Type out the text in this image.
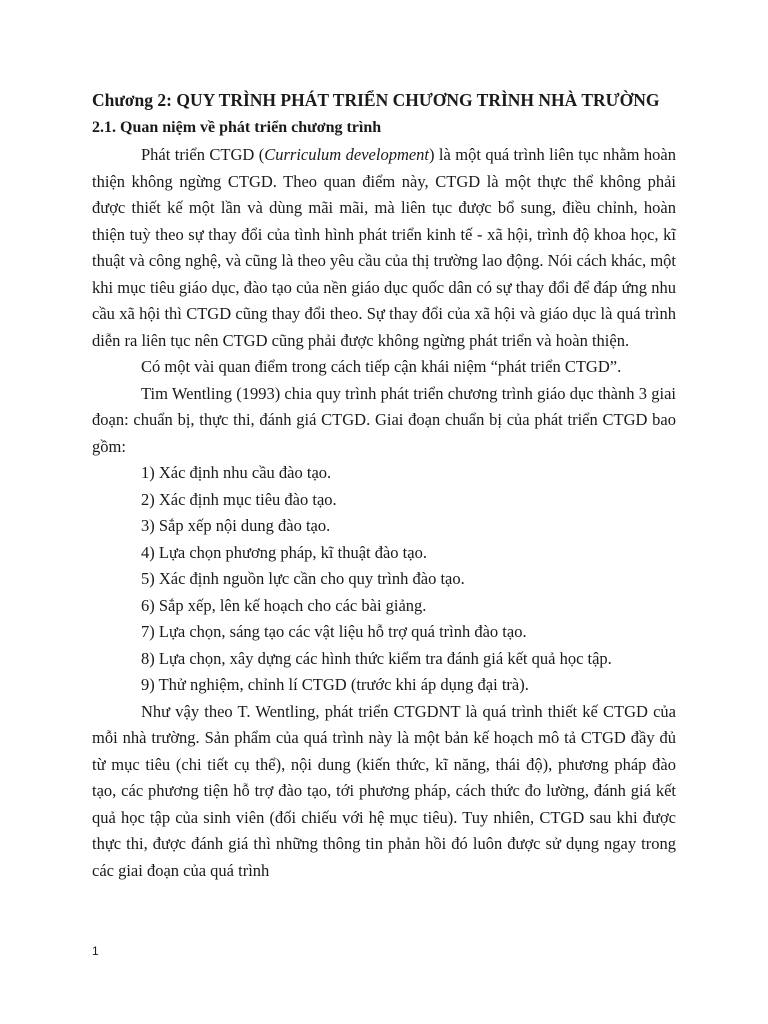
Chương 2: QUY TRÌNH PHÁT TRIỂN CHƯƠNG TRÌNH NHÀ TRƯỜNG
2.1. Quan niệm về phát triển chương trình

Phát triển CTGD (Curriculum development) là một quá trình liên tục nhằm hoàn thiện không ngừng CTGD. Theo quan điểm này, CTGD là một thực thể không phải được thiết kế một lần và dùng mãi mãi, mà liên tục được bổ sung, điều chỉnh, hoàn thiện tuỳ theo sự thay đổi của tình hình phát triển kinh tế - xã hội, trình độ khoa học, kĩ thuật và công nghệ, và cũng là theo yêu cầu của thị trường lao động. Nói cách khác, một khi mục tiêu giáo dục, đào tạo của nền giáo dục quốc dân có sự thay đổi để đáp ứng nhu cầu xã hội thì CTGD cũng thay đổi theo. Sự thay đổi của xã hội và giáo dục là quá trình diễn ra liên tục nên CTGD cũng phải được không ngừng phát triển và hoàn thiện.

Có một vài quan điểm trong cách tiếp cận khái niệm “phát triển CTGD”.

Tim Wentling (1993) chia quy trình phát triển chương trình giáo dục thành 3 giai đoạn: chuẩn bị, thực thi, đánh giá CTGD. Giai đoạn chuẩn bị của phát triển CTGD bao gồm:

1) Xác định nhu cầu đào tạo.
2) Xác định mục tiêu đào tạo.
3) Sắp xếp nội dung đào tạo.
4) Lựa chọn phương pháp, kĩ thuật đào tạo.
5) Xác định nguồn lực cần cho quy trình đào tạo.
6) Sắp xếp, lên kế hoạch cho các bài giảng.
7) Lựa chọn, sáng tạo các vật liệu hỗ trợ quá trình đào tạo.
8) Lựa chọn, xây dựng các hình thức kiểm tra đánh giá kết quả học tập.
9) Thử nghiệm, chỉnh lí CTGD (trước khi áp dụng đại trà).

Như vậy theo T. Wentling, phát triển CTGDNT là quá trình thiết kế CTGD của mỗi nhà trường. Sản phẩm của quá trình này là một bản kế hoạch mô tả CTGD đầy đủ từ mục tiêu (chi tiết cụ thể), nội dung (kiến thức, kĩ năng, thái độ), phương pháp đào tạo, các phương tiện hỗ trợ đào tạo, tới phương pháp, cách thức đo lường, đánh giá kết quả học tập của sinh viên (đối chiếu với hệ mục tiêu). Tuy nhiên, CTGD sau khi được thực thi, được đánh giá thì những thông tin phản hồi đó luôn được sử dụng ngay trong các giai đoạn của quá trình

1
